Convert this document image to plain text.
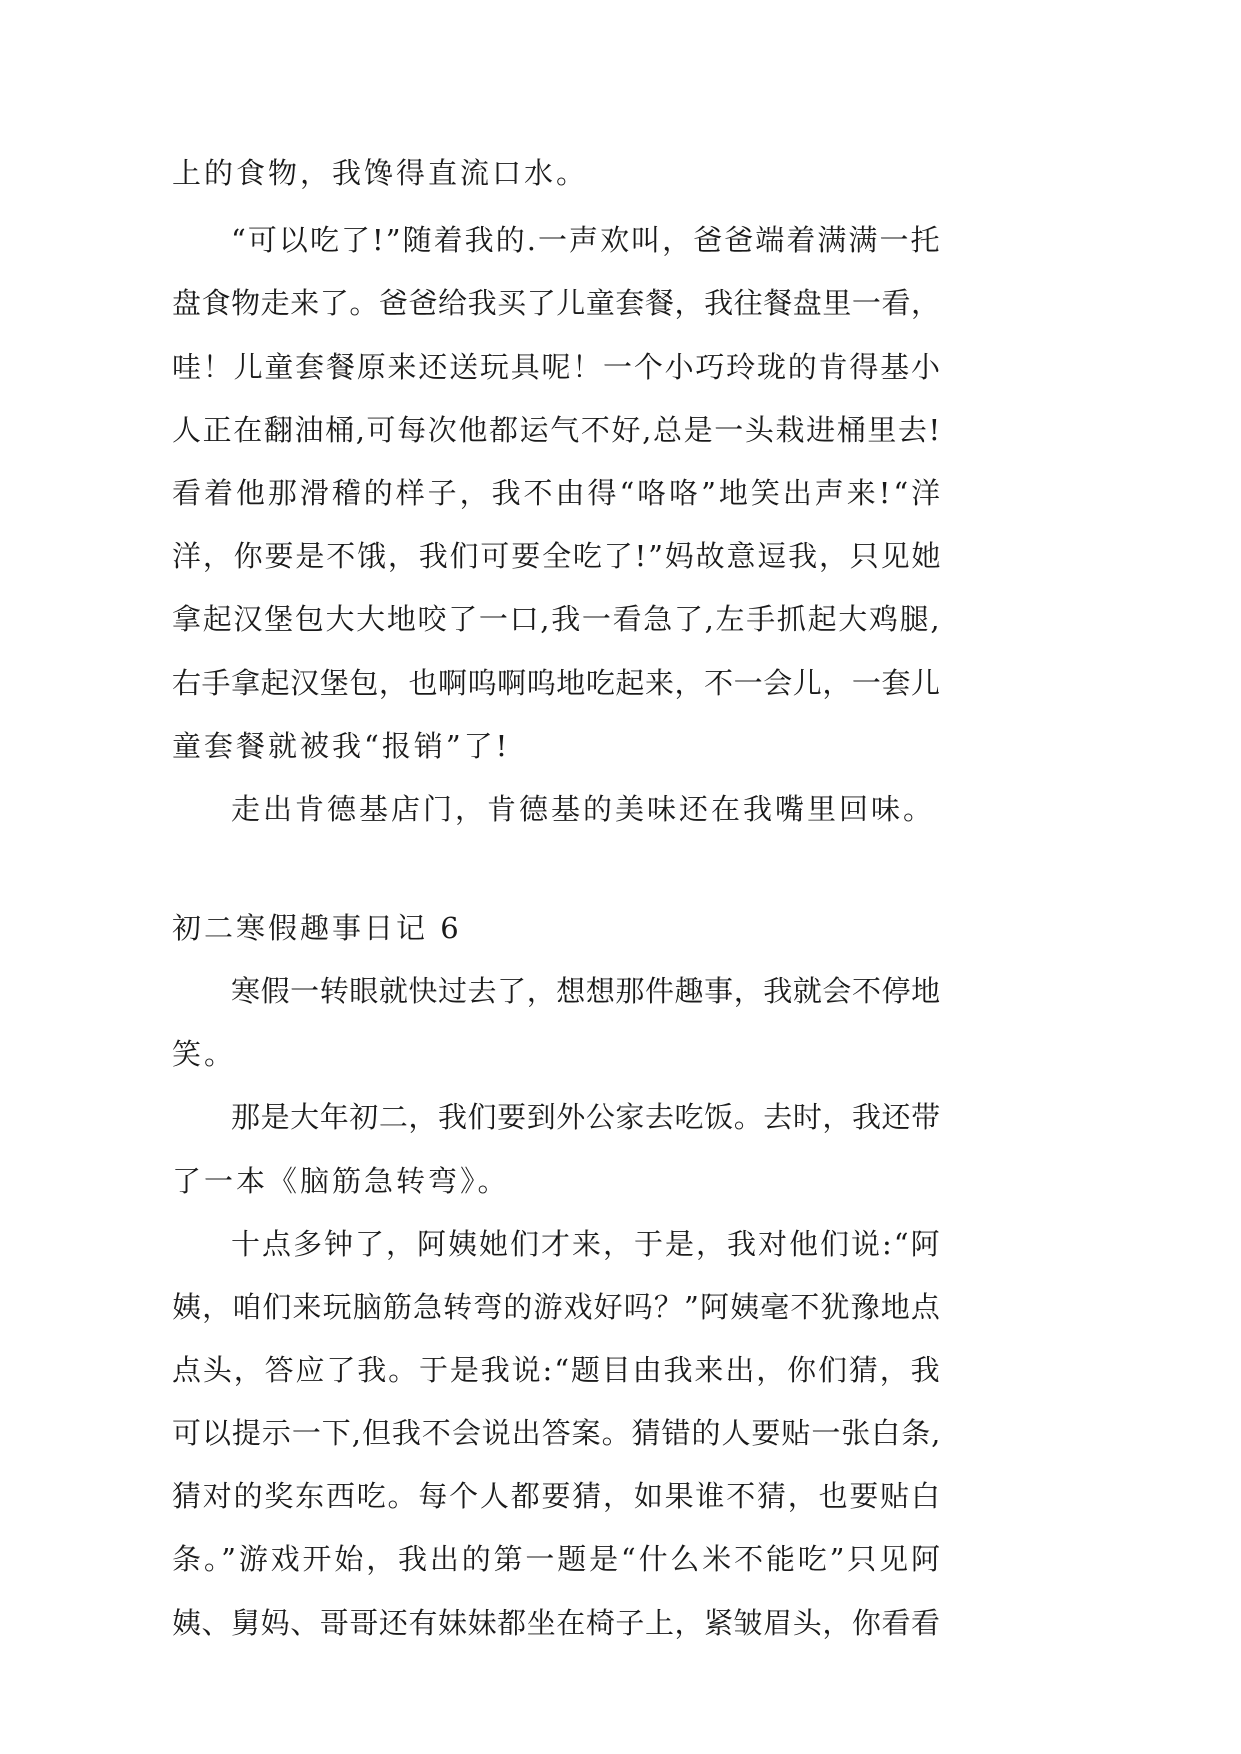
上的食物，我馋得直流口水。
“可以吃了!”随着我的.一声欢叫，爸爸端着满满一托
盘食物走来了。爸爸给我买了儿童套餐，我往餐盘里一看，
哇！儿童套餐原来还送玩具呢！一个小巧玲珑的肯得基小
人正在翻油桶,可每次他都运气不好,总是一头栽进桶里去!
看着他那滑稽的样子，我不由得“咯咯”地笑出声来!“洋
洋，你要是不饿，我们可要全吃了!”妈故意逗我，只见她
拿起汉堡包大大地咬了一口,我一看急了,左手抓起大鸡腿,
右手拿起汉堡包，也啊呜啊呜地吃起来，不一会儿，一套儿
童套餐就被我“报销”了!
走出肯德基店门，肯德基的美味还在我嘴里回味。
初二寒假趣事日记 6
寒假一转眼就快过去了，想想那件趣事，我就会不停地
笑。
那是大年初二，我们要到外公家去吃饭。去时，我还带
了一本《脑筋急转弯》。
十点多钟了，阿姨她们才来，于是，我对他们说:“阿
姨，咱们来玩脑筋急转弯的游戏好吗？”阿姨毫不犹豫地点
点头，答应了我。于是我说:“题目由我来出，你们猜，我
可以提示一下,但我不会说出答案。猜错的人要贴一张白条,
猜对的奖东西吃。每个人都要猜，如果谁不猜，也要贴白
条。”游戏开始，我出的第一题是“什么米不能吃”只见阿
姨、舅妈、哥哥还有妹妹都坐在椅子上，紧皱眉头，你看看
